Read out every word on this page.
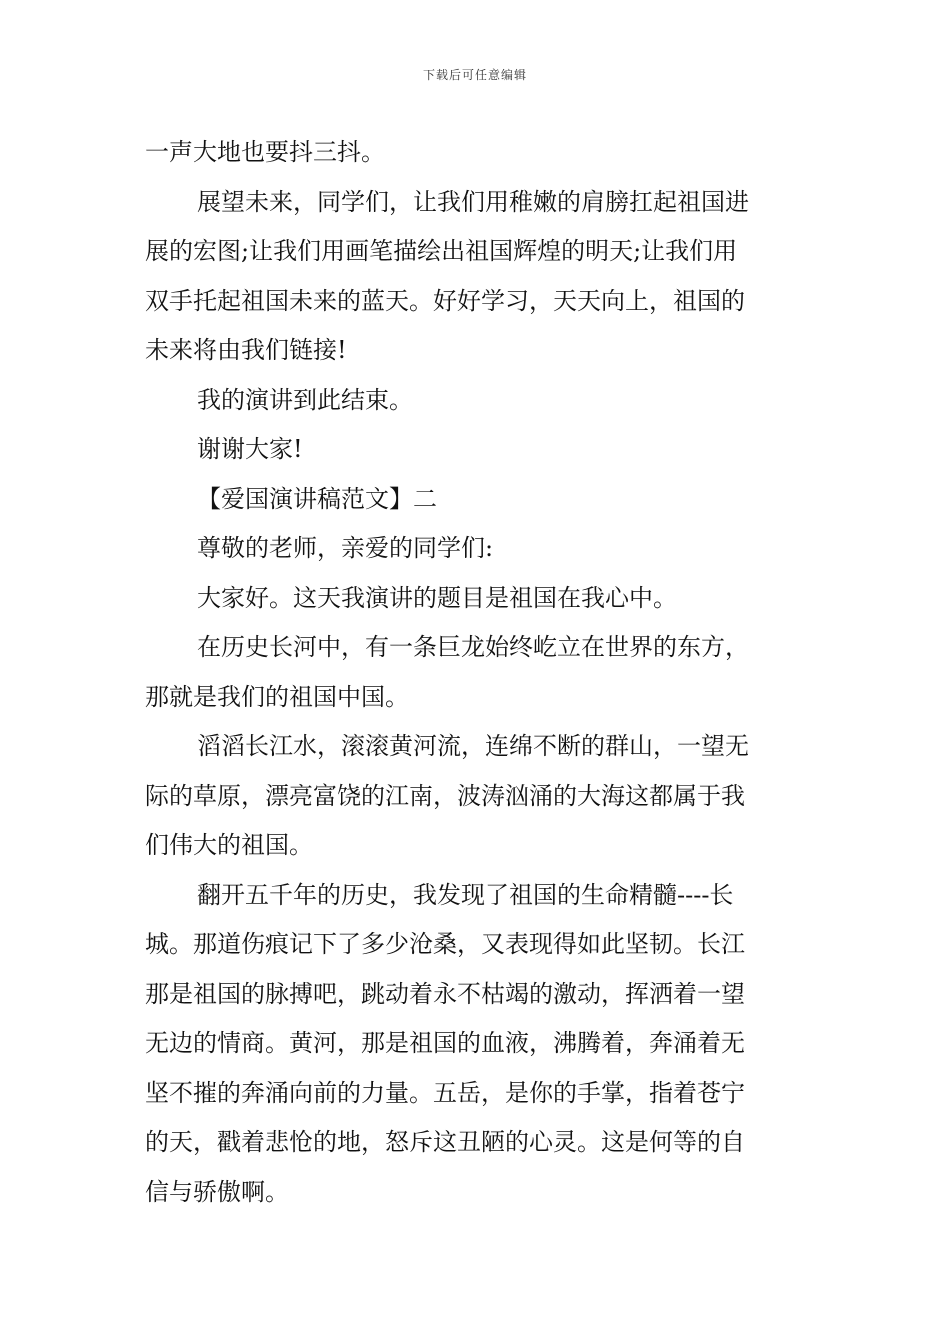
下载后可任意编辑

一声大地也要抖三抖。

展望未来，同学们，让我们用稚嫩的肩膀扛起祖国进

展的宏图;让我们用画笔描绘出祖国辉煌的明天;让我们用

双手托起祖国未来的蓝天。好好学习，天天向上，祖国的

未来将由我们链接!

我的演讲到此结束。

谢谢大家!

【爱国演讲稿范文】二

尊敬的老师，亲爱的同学们:

大家好。这天我演讲的题目是祖国在我心中。

在历史长河中，有一条巨龙始终屹立在世界的东方，

那就是我们的祖国中国。

滔滔长江水，滚滚黄河流，连绵不断的群山，一望无

际的草原，漂亮富饶的江南，波涛汹涌的大海这都属于我

们伟大的祖国。

翻开五千年的历史，我发现了祖国的生命精髓----长

城。那道伤痕记下了多少沧桑，又表现得如此坚韧。长江

那是祖国的脉搏吧，跳动着永不枯竭的激动，挥洒着一望

无边的情商。黄河，那是祖国的血液，沸腾着，奔涌着无

坚不摧的奔涌向前的力量。五岳，是你的手掌，指着苍宁

的天，戳着悲怆的地，怒斥这丑陋的心灵。这是何等的自

信与骄傲啊。
